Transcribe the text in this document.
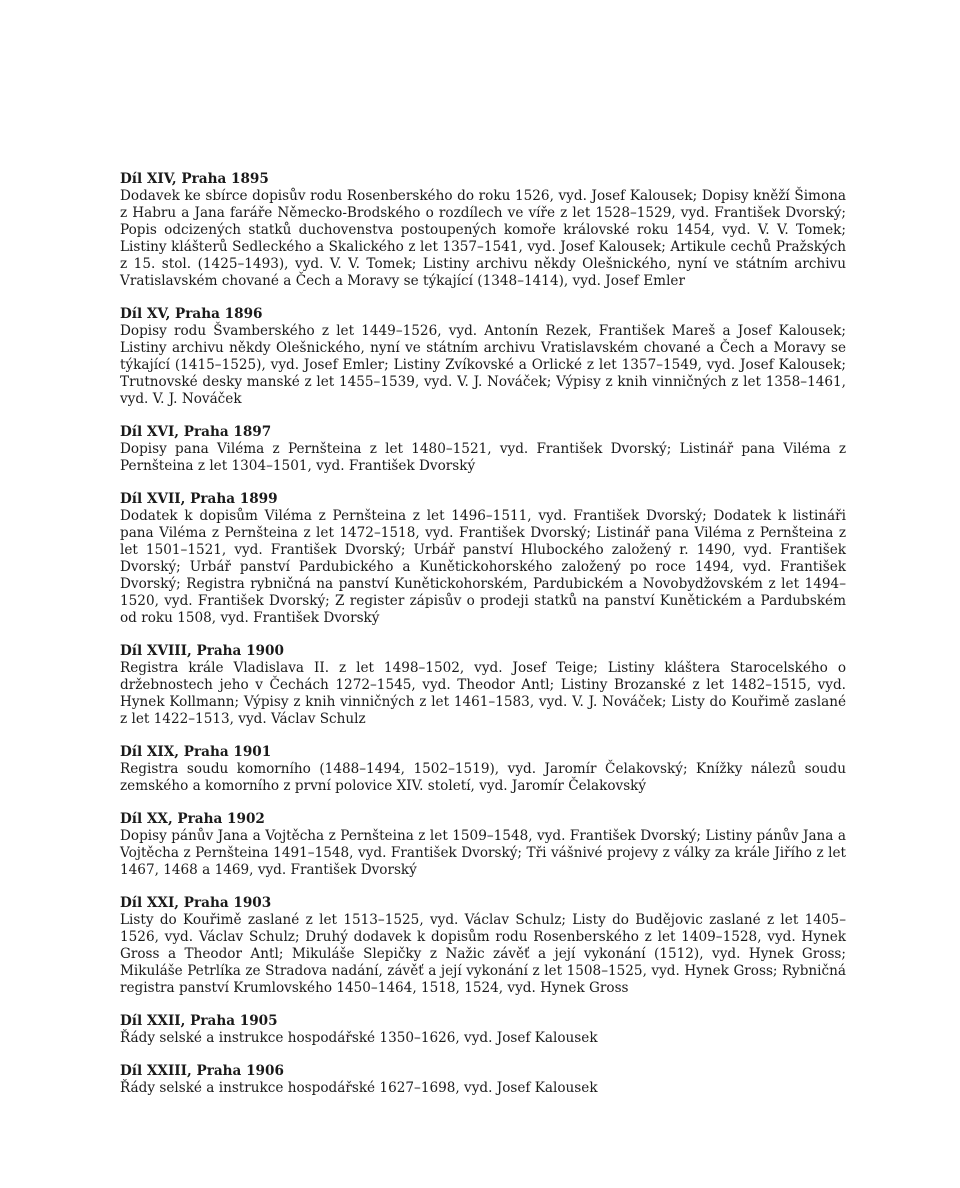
Díl XIV, Praha 1895

Dodavek ke sbírce dopisův rodu Rosenberského do roku 1526, vyd. Josef Kalousek; Dopisy kněží Šimona z Habru a Jana faráře Německo-Brodského o rozdílech ve víře z let 1528–1529, vyd. František Dvorský; Popis odcizených statků duchovenstva postoupených komoře královské roku 1454, vyd. V. V. Tomek; Listiny klášterů Sedleckého a Skalického z let 1357–1541, vyd. Josef Kalousek; Artikule cechů Pražských z 15. stol. (1425–1493), vyd. V. V. Tomek; Listiny archivu někdy Olešnického, nyní ve státním archivu Vratislavském chované a Čech a Moravy se týkající (1348–1414), vyd. Josef Emler

Díl XV, Praha 1896

Dopisy rodu Švamberského z let 1449–1526, vyd. Antonín Rezek, František Mareš a Josef Kalousek; Listiny archivu někdy Olešnického, nyní ve státním archivu Vratislavském chované a Čech a Moravy se týkající (1415–1525), vyd. Josef Emler; Listiny Zvíkovské a Orlické z let 1357–1549, vyd. Josef Kalousek; Trutnovské desky manské z let 1455–1539, vyd. V. J. Nováček; Výpisy z knih vinničných z let 1358–1461, vyd. V. J. Nováček

Díl XVI, Praha 1897

Dopisy pana Viléma z Pernšteina z let 1480–1521, vyd. František Dvorský; Listinář pana Viléma z Pernšteina z let 1304–1501, vyd. František Dvorský

Díl XVII, Praha 1899

Dodatek k dopisům Viléma z Pernšteina z let 1496–1511, vyd. František Dvorský; Dodatek k listináři pana Viléma z Pernšteina z let 1472–1518, vyd. František Dvorský; Listinář pana Viléma z Pernšteina z let 1501–1521, vyd. František Dvorský; Urbář panství Hlubockého založený r. 1490, vyd. František Dvorský; Urbář panství Pardubického a Kunětickohorského založený po roce 1494, vyd. František Dvorský; Registra rybničná na panství Kunětickohorském, Pardubickém a Novobydžovském z let 1494–1520, vyd. František Dvorský; Z register zápisův o prodeji statků na panství Kunětickém a Pardubském od roku 1508, vyd. František Dvorský

Díl XVIII, Praha 1900

Registra krále Vladislava II. z let 1498–1502, vyd. Josef Teige; Listiny kláštera Starocelského o držebnostech jeho v Čechách 1272–1545, vyd. Theodor Antl; Listiny Brozanské z let 1482–1515, vyd. Hynek Kollmann; Výpisy z knih vinničných z let 1461–1583, vyd. V. J. Nováček; Listy do Kouřimě zaslané z let 1422–1513, vyd. Václav Schulz

Díl XIX, Praha 1901

Registra soudu komorního (1488–1494, 1502–1519), vyd. Jaromír Čelakovský; Knížky nálezů soudu zemského a komorního z první polovice XIV. století, vyd. Jaromír Čelakovský

Díl XX, Praha 1902

Dopisy pánův Jana a Vojtěcha z Pernšteina z let 1509–1548, vyd. František Dvorský; Listiny pánův Jana a Vojtěcha z Pernšteina 1491–1548, vyd. František Dvorský; Tři vášnivé projevy z války za krále Jiřího z let 1467, 1468 a 1469, vyd. František Dvorský

Díl XXI, Praha 1903

Listy do Kouřimě zaslané z let 1513–1525, vyd. Václav Schulz; Listy do Budějovic zaslané z let 1405–1526, vyd. Václav Schulz; Druhý dodavek k dopisům rodu Rosenberského z let 1409–1528, vyd. Hynek Gross a Theodor Antl; Mikuláše Slepičky z Nažic závěť a její vykonání (1512), vyd. Hynek Gross; Mikuláše Petrlíka ze Stradova nadání, závěť a její vykonání z let 1508–1525, vyd. Hynek Gross; Rybničná registra panství Krumlovského 1450–1464, 1518, 1524, vyd. Hynek Gross

Díl XXII, Praha 1905

Řády selské a instrukce hospodářské 1350–1626, vyd. Josef Kalousek

Díl XXIII, Praha 1906

Řády selské a instrukce hospodářské 1627–1698, vyd. Josef Kalousek
